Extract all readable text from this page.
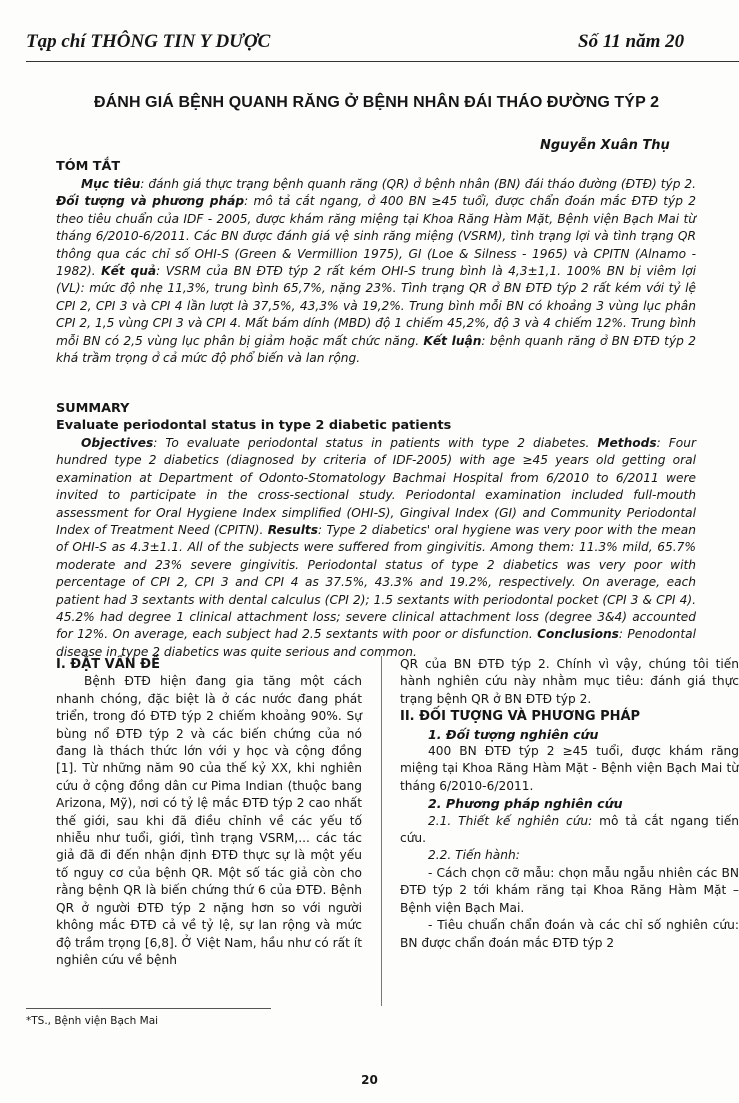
Tạp chí THÔNG TIN Y DƯỢC	Số 11 năm 20
ĐÁNH GIÁ BỆNH QUANH RĂNG Ở BỆNH NHÂN ĐÁI THÁO ĐƯỜNG TÝP 2
Nguyễn Xuân Thụ
TÓM TẮT

Mục tiêu: đánh giá thực trạng bệnh quanh răng (QR) ở bệnh nhân (BN) đái tháo đường (ĐTĐ) týp 2. Đối tượng và phương pháp: mô tả cắt ngang, ở 400 BN ≥45 tuổi, được chẩn đoán mắc ĐTĐ týp 2 theo tiêu chuẩn của IDF - 2005, được khám răng miệng tại Khoa Răng Hàm Mặt, Bệnh viện Bạch Mai từ tháng 6/2010-6/2011. Các BN được đánh giá vệ sinh răng miệng (VSRM), tình trạng lợi và tình trạng QR thông qua các chỉ số OHI-S (Green & Vermillion 1975), GI (Loe & Silness - 1965) và CPITN (Alnamo - 1982). Kết quả: VSRM của BN ĐTĐ týp 2 rất kém OHI-S trung bình là 4,3±1,1. 100% BN bị viêm lợi (VL): mức độ nhẹ 11,3%, trung bình 65,7%, nặng 23%. Tình trạng QR ở BN ĐTĐ týp 2 rất kém với tỷ lệ CPI 2, CPI 3 và CPI 4 lần lượt là 37,5%, 43,3% và 19,2%. Trung bình mỗi BN có khoảng 3 vùng lục phân CPI 2, 1,5 vùng CPI 3 và CPI 4. Mất bám dính (MBD) độ 1 chiếm 45,2%, độ 3 và 4 chiếm 12%. Trung bình mỗi BN có 2,5 vùng lục phân bị giảm hoặc mất chức năng. Kết luận: bệnh quanh răng ở BN ĐTĐ týp 2 khá trầm trọng ở cả mức độ phổ biến và lan rộng.

SUMMARY
Evaluate periodontal status in type 2 diabetic patients

Objectives: To evaluate periodontal status in patients with type 2 diabetes. Methods: Four hundred type 2 diabetics (diagnosed by criteria of IDF-2005) with age ≥45 years old getting oral examination at Department of Odonto-Stomatology Bachmai Hospital from 6/2010 to 6/2011 were invited to participate in the cross-sectional study. Periodontal examination included full-mouth assessment for Oral Hygiene Index simplified (OHI-S), Gingival Index (GI) and Community Periodontal Index of Treatment Need (CPITN). Results: Type 2 diabetics' oral hygiene was very poor with the mean of OHI-S as 4.3±1.1. All of the subjects were suffered from gingivitis. Among them: 11.3% mild, 65.7% moderate and 23% severe gingivitis. Periodontal status of type 2 diabetics was very poor with percentage of CPI 2, CPI 3 and CPI 4 as 37.5%, 43.3% and 19.2%, respectively. On average, each patient had 3 sextants with dental calculus (CPI 2); 1.5 sextants with periodontal pocket (CPI 3 & CPI 4). 45.2% had degree 1 clinical attachment loss; severe clinical attachment loss (degree 3&4) accounted for 12%. On average, each subject had 2.5 sextants with poor or disfunction. Conclusions: Penodontal disease in type 2 diabetics was quite serious and common.

I. ĐẶT VẤN ĐỀ

Bệnh ĐTĐ hiện đang gia tăng một cách nhanh chóng, đặc biệt là ở các nước đang phát triển, trong đó ĐTĐ týp 2 chiếm khoảng 90%. Sự bùng nổ ĐTĐ týp 2 và các biến chứng của nó đang là thách thức lớn với y học và cộng đồng [1]. Từ những năm 90 của thế kỷ XX, khi nghiên cứu ở cộng đồng dân cư Pima Indian (thuộc bang Arizona, Mỹ), nơi có tỷ lệ mắc ĐTĐ týp 2 cao nhất thế giới, sau khi đã điều chỉnh về các yếu tố nhiễu như tuổi, giới, tình trạng VSRM,... các tác giả đã đi đến nhận định ĐTĐ thực sự là một yếu tố nguy cơ của bệnh QR. Một số tác giả còn cho rằng bệnh QR là biến chứng thứ 6 của ĐTĐ. Bệnh QR ở người ĐTĐ týp 2 nặng hơn so với người không mắc ĐTĐ cả về tỷ lệ, sự lan rộng và mức độ trầm trọng [6,8]. Ở Việt Nam, hầu như có rất ít nghiên cứu về bệnh

QR của BN ĐTĐ týp 2. Chính vì vậy, chúng tôi tiến hành nghiên cứu này nhằm mục tiêu: đánh giá thực trạng bệnh QR ở BN ĐTĐ týp 2.

II. ĐỐI TƯỢNG VÀ PHƯƠNG PHÁP
1. Đối tượng nghiên cứu

400 BN ĐTĐ týp 2 ≥45 tuổi, được khám răng miệng tại Khoa Răng Hàm Mặt - Bệnh viện Bạch Mai từ tháng 6/2010-6/2011.

2. Phương pháp nghiên cứu

2.1. Thiết kế nghiên cứu: mô tả cắt ngang tiến cứu.

2.2. Tiến hành:

- Cách chọn cỡ mẫu: chọn mẫu ngẫu nhiên các BN ĐTĐ týp 2 tới khám răng tại Khoa Răng Hàm Mặt – Bệnh viện Bạch Mai.

- Tiêu chuẩn chẩn đoán và các chỉ số nghiên cứu: BN được chẩn đoán mắc ĐTĐ týp 2

*TS., Bệnh viện Bạch Mai
20
